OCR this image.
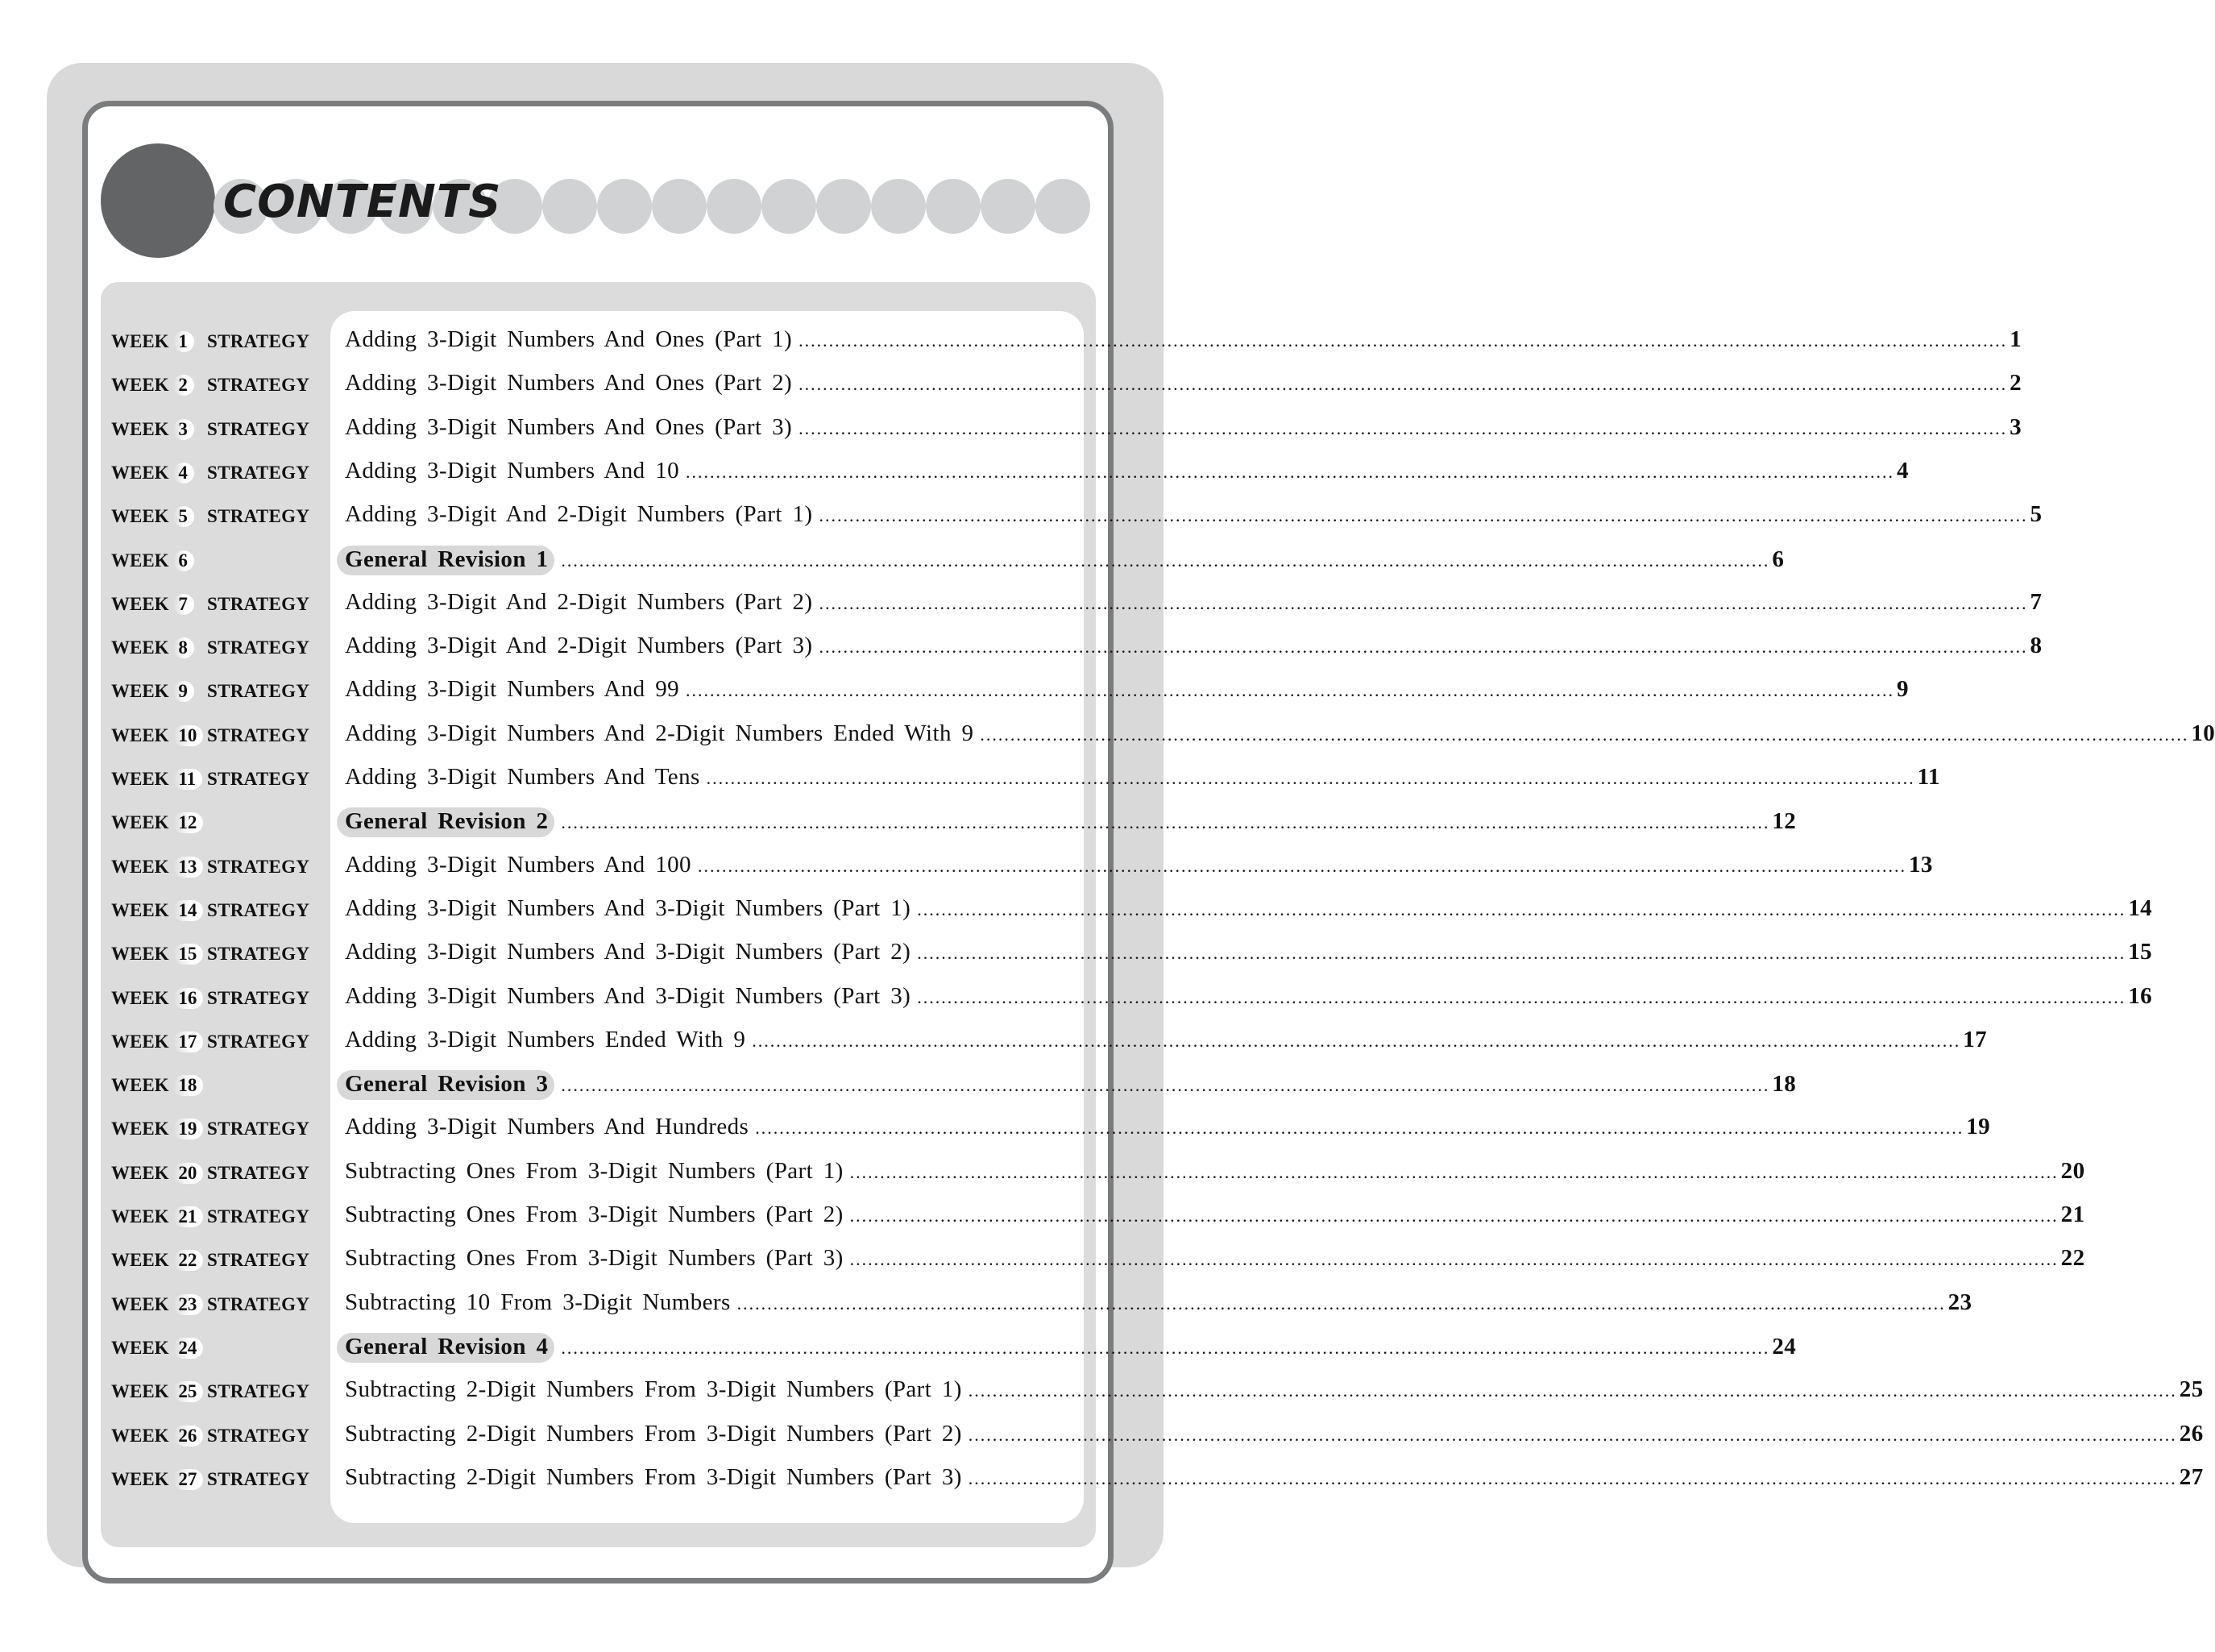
CONTENTS
WEEK 1	STRATEGY Adding 3-Digit Numbers And Ones (Part 1) ........................................................................................................................................................................................................ 1
WEEK 2	STRATEGY Adding 3-Digit Numbers And Ones (Part 2) ........................................................................................................................................................................................................ 2
WEEK 3	STRATEGY Adding 3-Digit Numbers And Ones (Part 3) ........................................................................................................................................................................................................ 3
WEEK 4	STRATEGY Adding 3-Digit Numbers And 10 ........................................................................................................................................................................................................ 4
WEEK 5	STRATEGY Adding 3-Digit And 2-Digit Numbers (Part 1) ........................................................................................................................................................................................................ 5
WEEK 6	General Revision 1 ........................................................................................................................................................................................................ 6
WEEK 7	STRATEGY Adding 3-Digit And 2-Digit Numbers (Part 2) ........................................................................................................................................................................................................ 7
WEEK 8	STRATEGY Adding 3-Digit And 2-Digit Numbers (Part 3) ........................................................................................................................................................................................................ 8
WEEK 9	STRATEGY Adding 3-Digit Numbers And 99 ........................................................................................................................................................................................................ 9
WEEK 10 STRATEGY Adding 3-Digit Numbers And 2-Digit Numbers Ended With 9 ........................................................................................................................................................................................................ 10
WEEK 11 STRATEGY Adding 3-Digit Numbers And Tens ........................................................................................................................................................................................................ 11
WEEK 12	General Revision 2 ........................................................................................................................................................................................................ 12
WEEK 13 STRATEGY Adding 3-Digit Numbers And 100 ........................................................................................................................................................................................................ 13
WEEK 14 STRATEGY Adding 3-Digit Numbers And 3-Digit Numbers (Part 1) ........................................................................................................................................................................................................ 14
WEEK 15 STRATEGY Adding 3-Digit Numbers And 3-Digit Numbers (Part 2) ........................................................................................................................................................................................................ 15
WEEK 16 STRATEGY Adding 3-Digit Numbers And 3-Digit Numbers (Part 3) ........................................................................................................................................................................................................ 16
WEEK 17 STRATEGY Adding 3-Digit Numbers Ended With 9 ........................................................................................................................................................................................................ 17
WEEK 18	General Revision 3 ........................................................................................................................................................................................................ 18
WEEK 19 STRATEGY Adding 3-Digit Numbers And Hundreds ........................................................................................................................................................................................................ 19
WEEK 20 STRATEGY Subtracting Ones From 3-Digit Numbers (Part 1) ........................................................................................................................................................................................................ 20
WEEK 21 STRATEGY Subtracting Ones From 3-Digit Numbers (Part 2) ........................................................................................................................................................................................................ 21
WEEK 22 STRATEGY Subtracting Ones From 3-Digit Numbers (Part 3) ........................................................................................................................................................................................................ 22
WEEK 23 STRATEGY Subtracting 10 From 3-Digit Numbers ........................................................................................................................................................................................................ 23
WEEK 24	General Revision 4 ........................................................................................................................................................................................................ 24
WEEK 25 STRATEGY Subtracting 2-Digit Numbers From 3-Digit Numbers (Part 1) ........................................................................................................................................................................................................ 25
WEEK 26 STRATEGY Subtracting 2-Digit Numbers From 3-Digit Numbers (Part 2) ........................................................................................................................................................................................................ 26
WEEK 27 STRATEGY Subtracting 2-Digit Numbers From 3-Digit Numbers (Part 3) ........................................................................................................................................................................................................ 27
